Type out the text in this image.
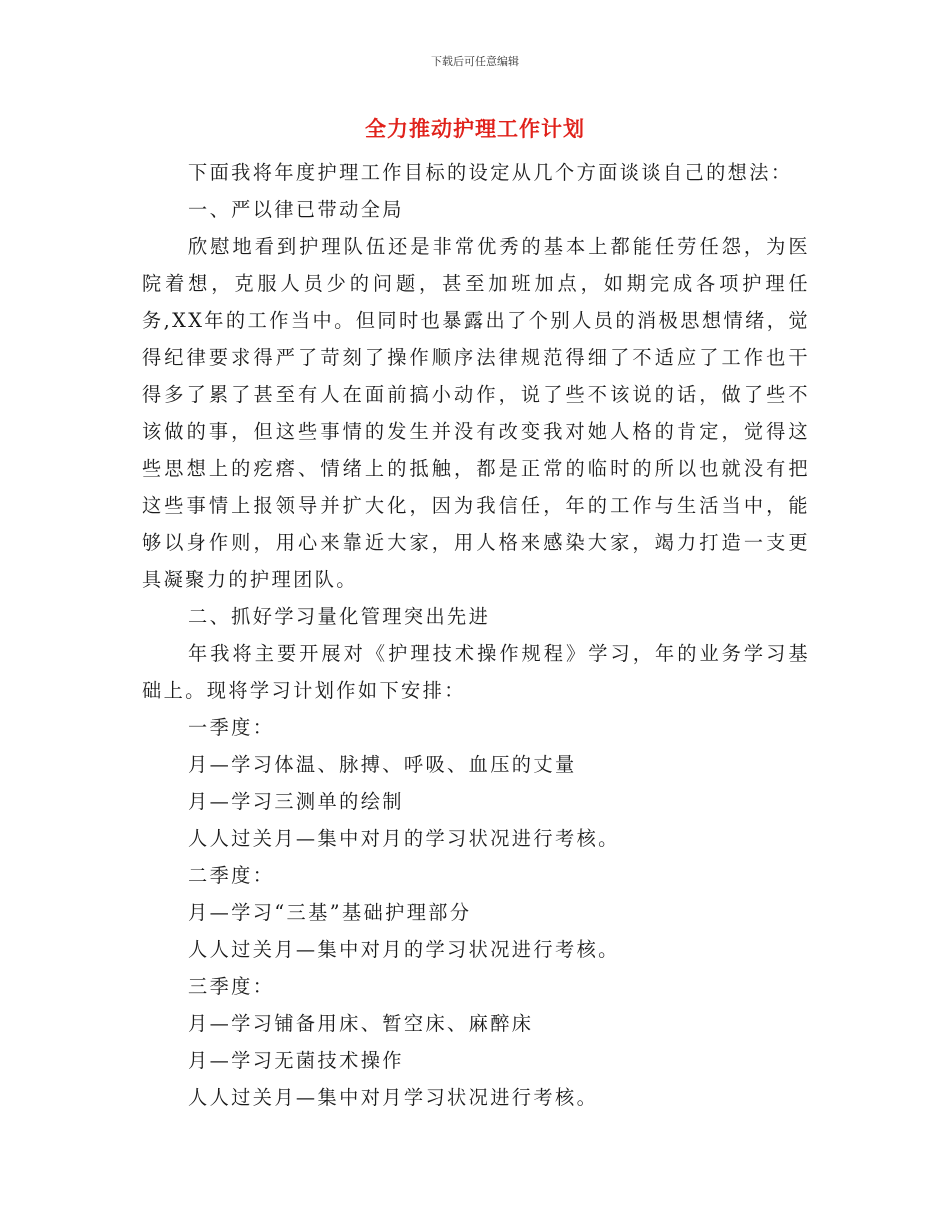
下载后可任意编辑
全力推动护理工作计划

下面我将年度护理工作目标的设定从几个方面谈谈自己的想法：

一、严以律已带动全局

欣慰地看到护理队伍还是非常优秀的基本上都能任劳任怨，为医院着想，克服人员少的问题，甚至加班加点，如期完成各项护理任务,XX年的工作当中。但同时也暴露出了个别人员的消极思想情绪，觉得纪律要求得严了苛刻了操作顺序法律规范得细了不适应了工作也干得多了累了甚至有人在面前搞小动作，说了些不该说的话，做了些不该做的事，但这些事情的发生并没有改变我对她人格的肯定，觉得这些思想上的疙瘩、情绪上的抵触，都是正常的临时的所以也就没有把这些事情上报领导并扩大化，因为我信任，年的工作与生活当中，能够以身作则，用心来靠近大家，用人格来感染大家，竭力打造一支更具凝聚力的护理团队。

二、抓好学习量化管理突出先进

年我将主要开展对《护理技术操作规程》学习，年的业务学习基础上。现将学习计划作如下安排：

一季度：

月—学习体温、脉搏、呼吸、血压的丈量

月—学习三测单的绘制

人人过关月—集中对月的学习状况进行考核。

二季度：

月—学习“三基”基础护理部分

人人过关月—集中对月的学习状况进行考核。

三季度：

月—学习铺备用床、暂空床、麻醉床

月—学习无菌技术操作

人人过关月—集中对月学习状况进行考核。
